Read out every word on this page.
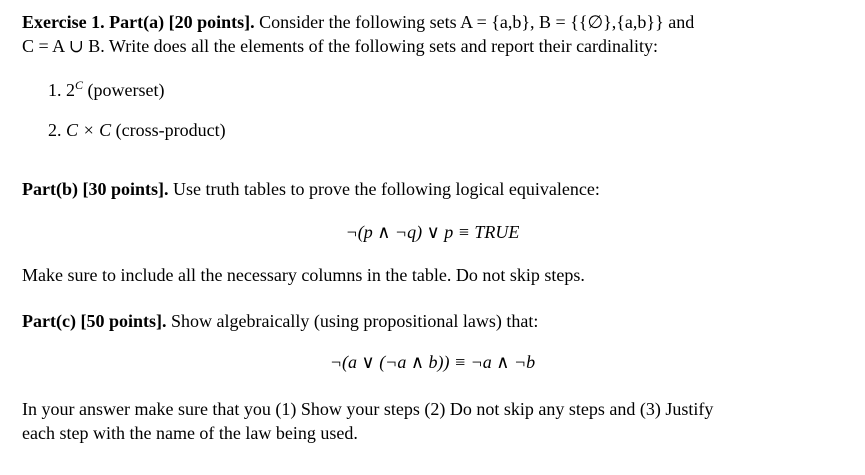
Exercise 1. Part(a) [20 points]. Consider the following sets A = {a,b}, B = {{∅},{a,b}} and
C = A ∪ B. Write does all the elements of the following sets and report their cardinality:
1. $2^C$ (powerset)
2. C × C (cross-product)
Part(b) [30 points]. Use truth tables to prove the following logical equivalence:
¬(p ∧ ¬q) ∨ p ≡ TRUE
Make sure to include all the necessary columns in the table. Do not skip steps.
Part(c) [50 points]. Show algebraically (using propositional laws) that:
¬(a ∨ (¬a ∧ b)) ≡ ¬a ∧ ¬b
In your answer make sure that you (1) Show your steps (2) Do not skip any steps and (3) Justify
each step with the name of the law being used.
